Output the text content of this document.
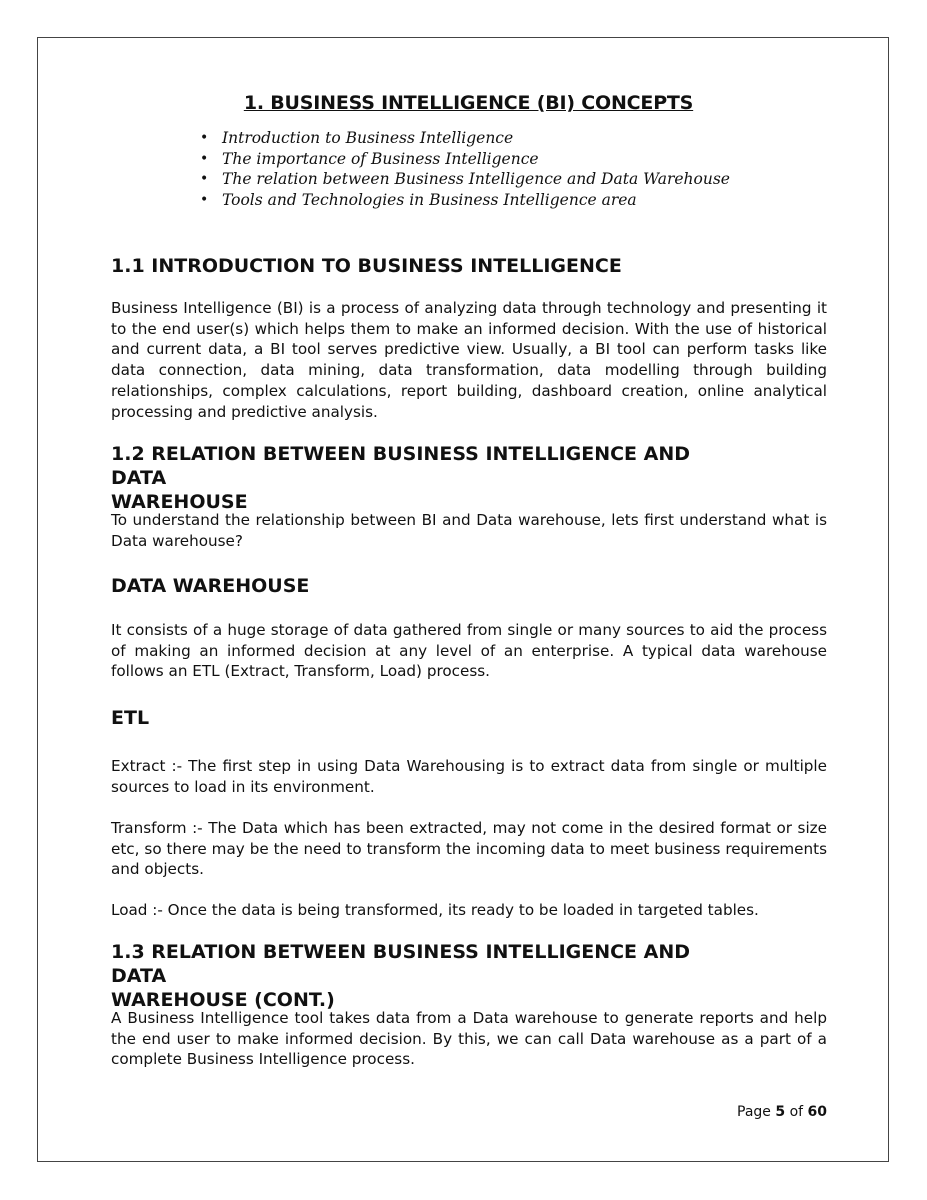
1. BUSINESS INTELLIGENCE (BI) CONCEPTS
• Introduction to Business Intelligence
• The importance of Business Intelligence
• The relation between Business Intelligence and Data Warehouse
• Tools and Technologies in Business Intelligence area
1.1 INTRODUCTION TO BUSINESS INTELLIGENCE

Business Intelligence (BI) is a process of analyzing data through technology and presenting it to the end user(s) which helps them to make an informed decision. With the use of historical and current data, a BI tool serves predictive view. Usually, a BI tool can perform tasks like data connection, data mining, data transformation, data modelling through building relationships, complex calculations, report building, dashboard creation, online analytical processing and predictive analysis.

1.2 RELATION BETWEEN BUSINESS INTELLIGENCE AND DATA
WAREHOUSE

To understand the relationship between BI and Data warehouse, lets first understand what is Data warehouse?

DATA WAREHOUSE

It consists of a huge storage of data gathered from single or many sources to aid the process of making an informed decision at any level of an enterprise. A typical data warehouse follows an ETL (Extract, Transform, Load) process.

ETL

Extract :- The first step in using Data Warehousing is to extract data from single or multiple sources to load in its environment.

Transform :- The Data which has been extracted, may not come in the desired format or size etc, so there may be the need to transform the incoming data to meet business requirements and objects.

Load :- Once the data is being transformed, its ready to be loaded in targeted tables.

1.3 RELATION BETWEEN BUSINESS INTELLIGENCE AND DATA
WAREHOUSE (CONT.)

A Business Intelligence tool takes data from a Data warehouse to generate reports and help the end user to make informed decision. By this, we can call Data warehouse as a part of a complete Business Intelligence process.

Page 5 of 60
